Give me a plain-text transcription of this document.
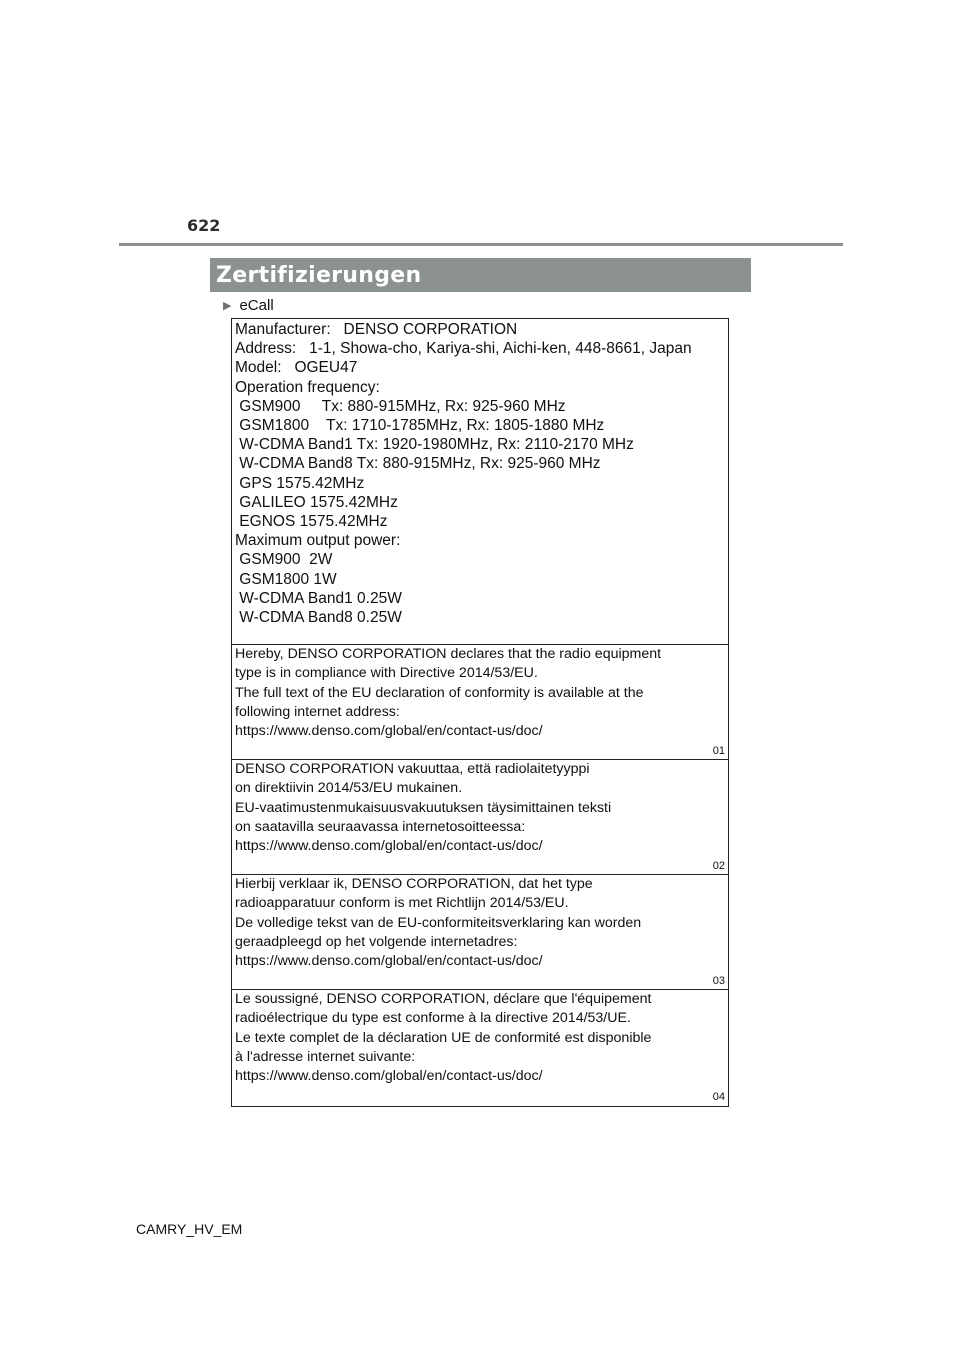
622
Zertifizierungen
▶ eCall
Manufacturer:   DENSO CORPORATION
Address:   1-1, Showa-cho, Kariya-shi, Aichi-ken, 448-8661, Japan
Model:   OGEU47
Operation frequency:
GSM900     Tx: 880-915MHz, Rx: 925-960 MHz
GSM1800    Tx: 1710-1785MHz, Rx: 1805-1880 MHz
W-CDMA Band1 Tx: 1920-1980MHz, Rx: 2110-2170 MHz
W-CDMA Band8 Tx: 880-915MHz, Rx: 925-960 MHz
GPS 1575.42MHz
GALILEO 1575.42MHz
EGNOS 1575.42MHz
Maximum output power:
GSM900  2W
GSM1800 1W
W-CDMA Band1 0.25W
W-CDMA Band8 0.25W
Hereby, DENSO CORPORATION declares that the radio equipment
type is in compliance with Directive 2014/53/EU.
The full text of the EU declaration of conformity is available at the
following internet address:
https://www.denso.com/global/en/contact-us/doc/
01
DENSO CORPORATION vakuuttaa, että radiolaitetyyppi
on direktiivin 2014/53/EU mukainen.
EU-vaatimustenmukaisuusvakuutuksen täysimittainen teksti
on saatavilla seuraavassa internetosoitteessa:
https://www.denso.com/global/en/contact-us/doc/
02
Hierbij verklaar ik, DENSO CORPORATION, dat het type
radioapparatuur conform is met Richtlijn 2014/53/EU.
De volledige tekst van de EU-conformiteitsverklaring kan worden
geraadpleegd op het volgende internetadres:
https://www.denso.com/global/en/contact-us/doc/
03
Le soussigné, DENSO CORPORATION, déclare que l'équipement
radioélectrique du type est conforme à la directive 2014/53/UE.
Le texte complet de la déclaration UE de conformité est disponible
à l'adresse internet suivante:
https://www.denso.com/global/en/contact-us/doc/
04
CAMRY_HV_EM
